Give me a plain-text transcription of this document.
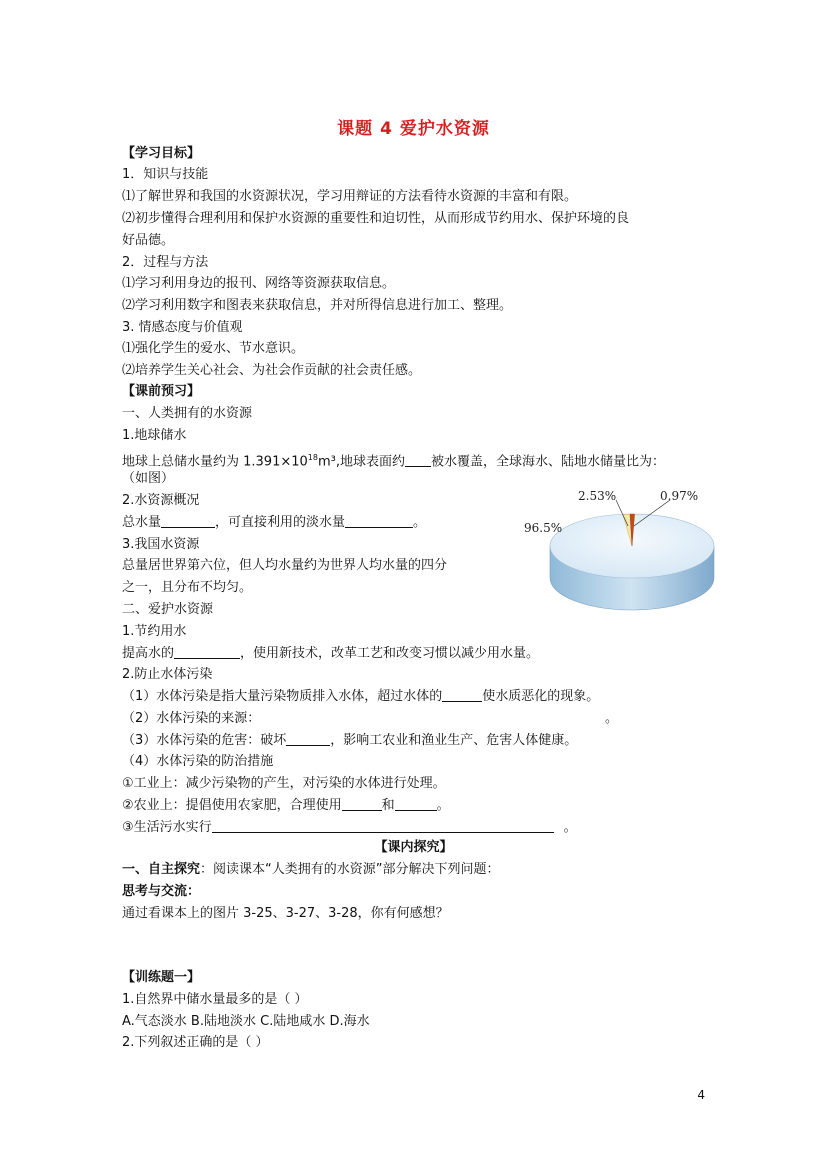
课题 4 爱护水资源
【学习目标】
1．知识与技能
⑴了解世界和我国的水资源状况，学习用辩证的方法看待水资源的丰富和有限。
⑵初步懂得合理利用和保护水资源的重要性和迫切性，从而形成节约用水、保护环境的良
好品德。
2．过程与方法
⑴学习利用身边的报刊、网络等资源获取信息。
⑵学习利用数字和图表来获取信息，并对所得信息进行加工、整理。
3. 情感态度与价值观
⑴强化学生的爱水、节水意识。
⑵培养学生关心社会、为社会作贡献的社会责任感。
【课前预习】
一、人类拥有的水资源
1.地球储水
地球上总储水量约为 $1.391\times 10^{18}m^3$,地球表面约 被水覆盖，全球海水、陆地水储量比为：
（如图）
2.水资源概况
总水量	，可直接利用的淡水量	。
3.我国水资源
总量居世界第六位，但人均水量约为世界人均水量的四分
之一，且分布不均匀。
二、爱护水资源
1.节约用水
提高水的	，使用新技术，改革工艺和改变习惯以减少用水量。
2.防止水体污染
（1）水体污染是指大量污染物质排入水体，超过水体的	使水质恶化的现象。
（2）水体污染的来源：	。
（3）水体污染的危害：破坏	，影响工农业和渔业生产、危害人体健康。
（4）水体污染的防治措施
①工业上：减少污染物的产生，对污染的水体进行处理。
②农业上：提倡使用农家肥，合理使用	和	。
③生活污水实行	。
【课内探究】
一、自主探究：阅读课本“人类拥有的水资源”部分解决下列问题：
思考与交流：
通过看课本上的图片 3-25、3-27、3-28，你有何感想？
【训练题一】
1.自然界中储水量最多的是（ ）
A.气态淡水 B.陆地淡水 C.陆地咸水 D.海水
2.下列叙述正确的是（ ）
4
2.53%	0.97%
96.5%
